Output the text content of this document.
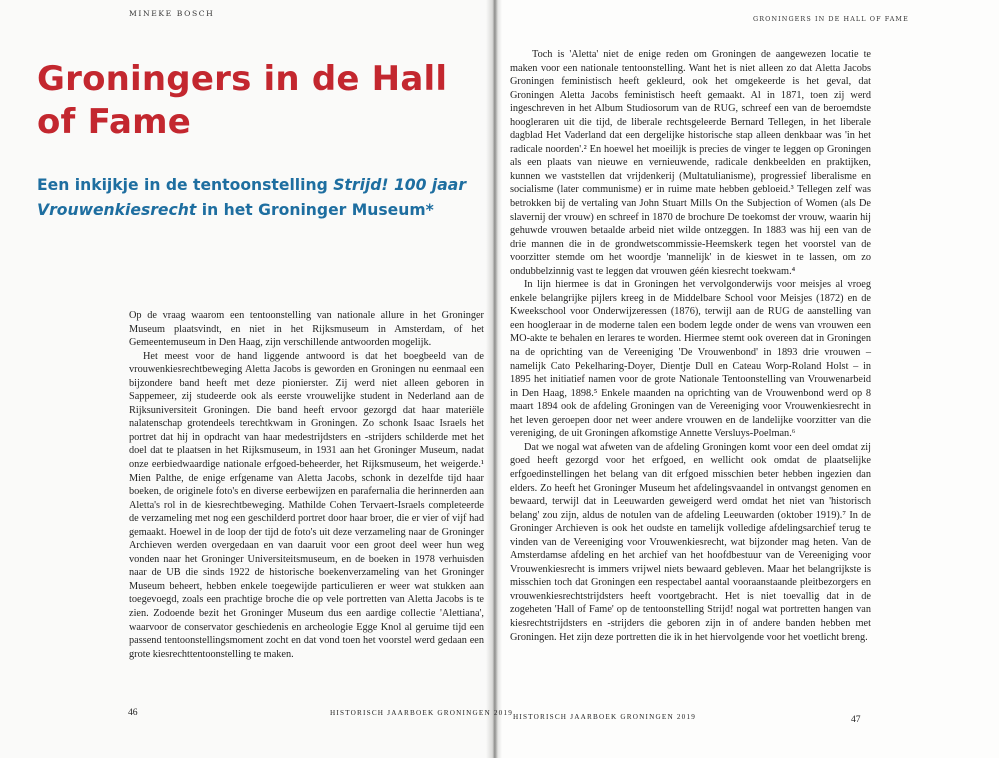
MINEKE BOSCH
GRONINGERS IN DE HALL OF FAME
Groningers in de Hall of Fame
Een inkijkje in de tentoonstelling Strijd! 100 jaar Vrouwenkiesrecht in het Groninger Museum*

Op de vraag waarom een tentoonstelling van nationale allure in het Groninger Museum plaatsvindt, en niet in het Rijksmuseum in Amsterdam, of het Gemeentemuseum in Den Haag, zijn verschillende antwoorden mogelijk.

Het meest voor de hand liggende antwoord is dat het boegbeeld van de vrouwenkiesrechtbeweging Aletta Jacobs is geworden en Groningen nu eenmaal een bijzondere band heeft met deze pionierster. Zij werd niet alleen geboren in Sappemeer, zij studeerde ook als eerste vrouwelijke student in Nederland aan de Rijksuniversiteit Groningen. Die band heeft ervoor gezorgd dat haar materiële nalatenschap grotendeels terechtkwam in Groningen. Zo schonk Isaac Israels het portret dat hij in opdracht van haar medestrijdsters en -strijders schilderde met het doel dat te plaatsen in het Rijksmuseum, in 1931 aan het Groninger Museum, nadat onze eerbiedwaardige nationale erfgoed-beheerder, het Rijksmuseum, het weigerde.¹ Mien Palthe, de enige erfgename van Aletta Jacobs, schonk in dezelfde tijd haar boeken, de originele foto's en diverse eerbewijzen en parafernalia die herinnerden aan Aletta's rol in de kiesrechtbeweging. Mathilde Cohen Tervaert-Israels completeerde de verzameling met nog een geschilderd portret door haar broer, die er vier of vijf had gemaakt. Hoewel in de loop der tijd de foto's uit deze verzameling naar de Groninger Archieven werden overgedaan en van daaruit voor een groot deel weer hun weg vonden naar het Groninger Universiteitsmuseum, en de boeken in 1978 verhuisden naar de UB die sinds 1922 de historische boekenverzameling van het Groninger Museum beheert, hebben enkele toegewijde particulieren er weer wat stukken aan toegevoegd, zoals een prachtige broche die op vele portretten van Aletta Jacobs is te zien. Zodoende bezit het Groninger Museum dus een aardige collectie 'Alettiana', waarvoor de conservator geschiedenis en archeologie Egge Knol al geruime tijd een passend tentoonstellingsmoment zocht en dat vond toen het voorstel werd gedaan een grote kiesrechttentoonstelling te maken.

Toch is 'Aletta' niet de enige reden om Groningen de aangewezen locatie te maken voor een nationale tentoonstelling. Want het is niet alleen zo dat Aletta Jacobs Groningen feministisch heeft gekleurd, ook het omgekeerde is het geval, dat Groningen Aletta Jacobs feministisch heeft gemaakt. Al in 1871, toen zij werd ingeschreven in het Album Studiosorum van de RUG, schreef een van de beroemdste hoogleraren uit die tijd, de liberale rechtsgeleerde Bernard Tellegen, in het liberale dagblad Het Vaderland dat een dergelijke historische stap alleen denkbaar was 'in het radicale noorden'.² En hoewel het moeilijk is precies de vinger te leggen op Groningen als een plaats van nieuwe en vernieuwende, radicale denkbeelden en praktijken, kunnen we vaststellen dat vrijdenkerij (Multatulianisme), progressief liberalisme en socialisme (later communisme) er in ruime mate hebben gebloeid.³ Tellegen zelf was betrokken bij de vertaling van John Stuart Mills On the Subjection of Women (als De slavernij der vrouw) en schreef in 1870 de brochure De toekomst der vrouw, waarin hij gehuwde vrouwen betaalde arbeid niet wilde ontzeggen. In 1883 was hij een van de drie mannen die in de grondwetscommissie-Heemskerk tegen het voorstel van de voorzitter stemde om het woordje 'mannelijk' in de kieswet in te lassen, om zo ondubbelzinnig vast te leggen dat vrouwen géén kiesrecht toekwam.⁴

In lijn hiermee is dat in Groningen het vervolgonderwijs voor meisjes al vroeg enkele belangrijke pijlers kreeg in de Middelbare School voor Meisjes (1872) en de Kweekschool voor Onderwijzeressen (1876), terwijl aan de RUG de aanstelling van een hoogleraar in de moderne talen een bodem legde onder de wens van vrouwen een MO-akte te behalen en lerares te worden. Hiermee stemt ook overeen dat in Groningen na de oprichting van de Vereeniging 'De Vrouwenbond' in 1893 drie vrouwen – namelijk Cato Pekelharing-Doyer, Dientje Dull en Cateau Worp-Roland Holst – in 1895 het initiatief namen voor de grote Nationale Tentoonstelling van Vrouwenarbeid in Den Haag, 1898.⁵ Enkele maanden na oprichting van de Vrouwenbond werd op 8 maart 1894 ook de afdeling Groningen van de Vereeniging voor Vrouwenkiesrecht in het leven geroepen door net weer andere vrouwen en de landelijke voorzitter van die vereniging, de uit Groningen afkomstige Annette Versluys-Poelman.⁶

Dat we nogal wat afweten van de afdeling Groningen komt voor een deel omdat zij goed heeft gezorgd voor het erfgoed, en wellicht ook omdat de plaatselijke erfgoedinstellingen het belang van dit erfgoed misschien beter hebben ingezien dan elders. Zo heeft het Groninger Museum het afdelingsvaandel in ontvangst genomen en bewaard, terwijl dat in Leeuwarden geweigerd werd omdat het niet van 'historisch belang' zou zijn, aldus de notulen van de afdeling Leeuwarden (oktober 1919).⁷ In de Groninger Archieven is ook het oudste en tamelijk volledige afdelingsarchief terug te vinden van de Vereeniging voor Vrouwenkiesrecht, wat bijzonder mag heten. Van de Amsterdamse afdeling en het archief van het hoofdbestuur van de Vereeniging voor Vrouwenkiesrecht is immers vrijwel niets bewaard gebleven. Maar het belangrijkste is misschien toch dat Groningen een respectabel aantal vooraanstaande pleitbezorgers en vrouwenkiesrechtstrijdsters heeft voortgebracht. Het is niet toevallig dat in de zogeheten 'Hall of Fame' op de tentoonstelling Strijd! nogal wat portretten hangen van kiesrechtstrijdsters en -strijders die geboren zijn in of andere banden hebben met Groningen. Het zijn deze portretten die ik in het hiervolgende voor het voetlicht breng.

46	HISTORISCH JAARBOEK GRONINGEN 2019 HISTORISCH JAARBOEK GRONINGEN 2019	47
